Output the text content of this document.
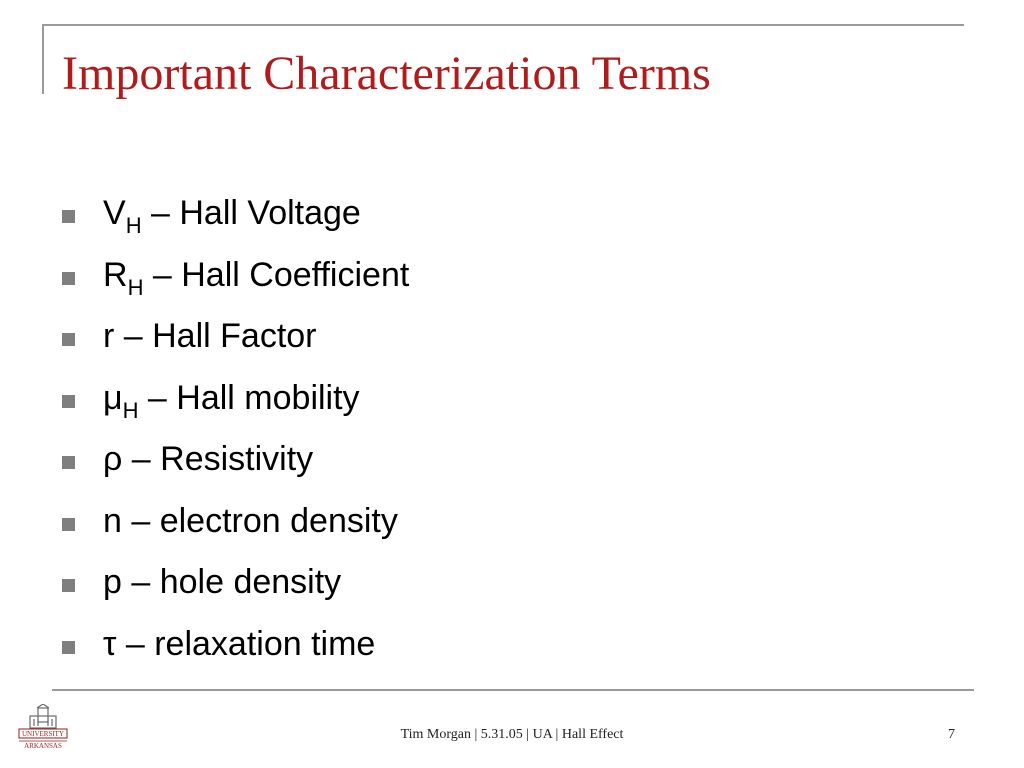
Important Characterization Terms
V H – Hall Voltage
R H – Hall Coefficient
r – Hall Factor
μ H – Hall mobility
ρ – Resistivity
n – electron density
p – hole density
τ – relaxation time
UNIVERSITY
ARKANSAS
Tim Morgan | 5.31.05 | UA | Hall Effect	7
